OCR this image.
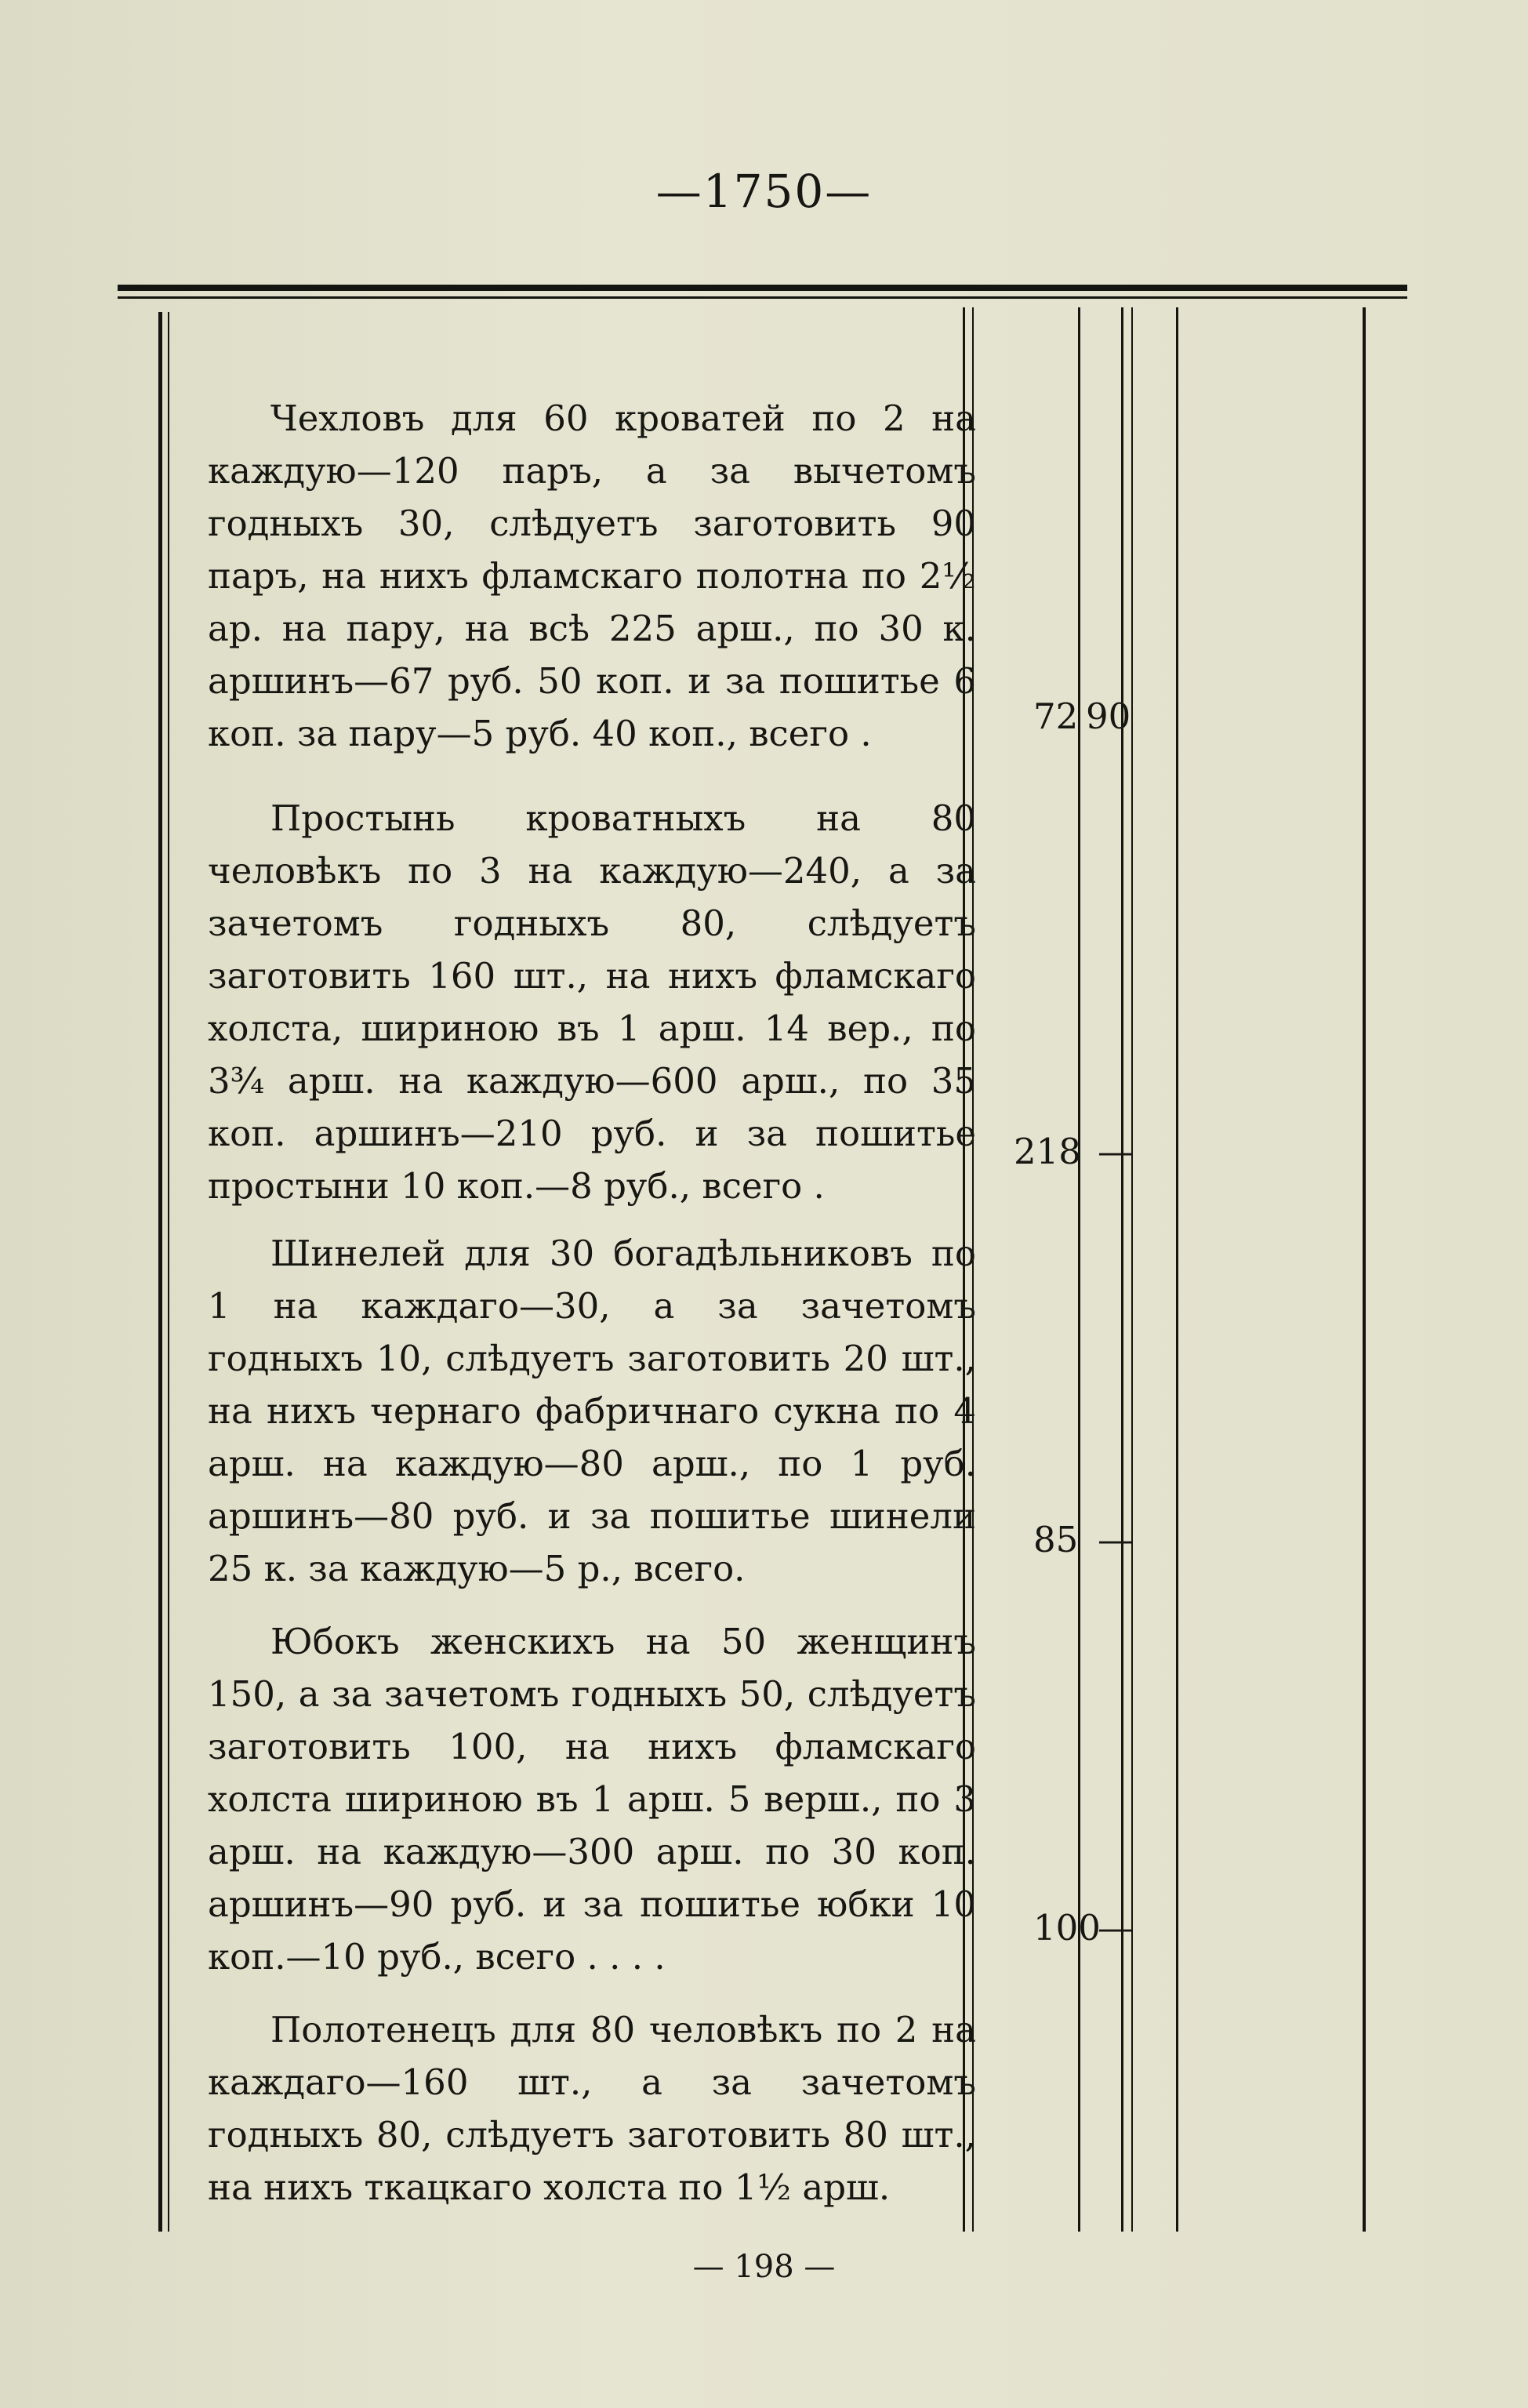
—1750—
Чехловъ для 60 кроватей по 2 на каждую—120 паръ, а за вычетомъ годныхъ 30, слѣдуетъ заготовить 90 паръ, на нихъ фламскаго полотна по 2½ ар. на пару, на всѣ 225 арш., по 30 к. аршинъ—67 руб. 50 коп. и за пошитье 6 коп. за пару—5 руб. 40 коп., всего .	72 90
Простынь кроватныхъ на 80 человѣкъ по 3 на каждую—240, а за зачетомъ годныхъ 80, слѣдуетъ заготовить 160 шт., на нихъ фламскаго холста, шириною въ 1 арш. 14 вер., по 3¾ арш. на каждую—600 арш., по 35 коп. аршинъ—210 руб. и за пошитье простыни 10 коп.—8 руб., всего .
218 —
Шинелей для 30 богадѣльниковъ по 1 на каждаго—30, а за зачетомъ годныхъ 10, слѣдуетъ заготовить 20 шт., на нихъ чернаго фабричнаго сукна по 4 арш. на каждую—80 арш., по 1 руб. аршинъ—80 руб. и за пошитье шинели 25 к. за каждую—5 р., всего.
85 —
Юбокъ женскихъ на 50 женщинъ 150, а за зачетомъ годныхъ 50, слѣдуетъ заготовить 100, на нихъ фламскаго холста шириною въ 1 арш. 5 верш., по 3 арш. на каждую—300 арш. по 30 коп. аршинъ—90 руб. и за пошитье юбки 10 коп.—10 руб., всего . . . .
100
—
Полотенецъ для 80 человѣкъ по 2 на каждаго—160 шт., а за зачетомъ годныхъ 80, слѣдуетъ заготовить 80 шт., на нихъ ткацкаго холста по 1½ арш.
— 198 —
